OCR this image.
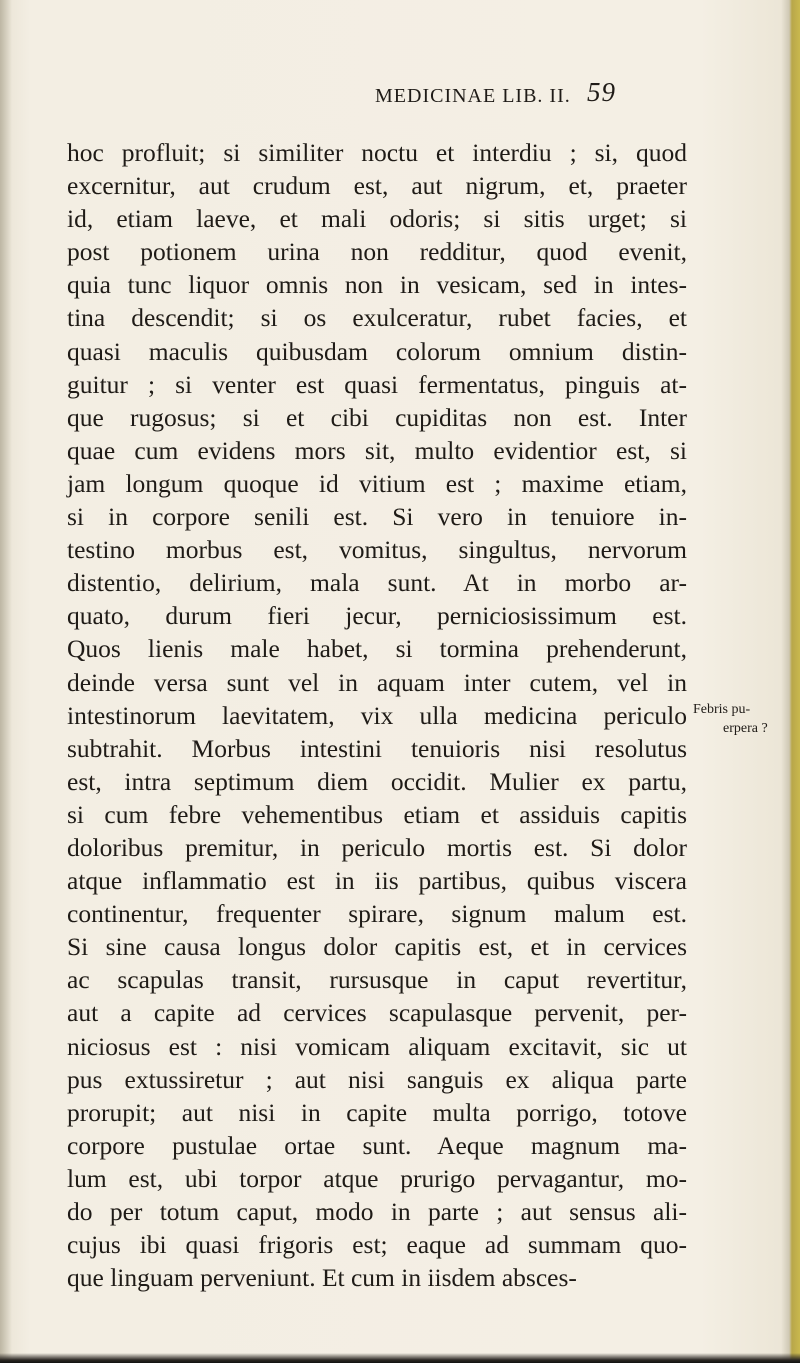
MEDICINAE LIB. II. 59
hoc profluit; si similiter noctu et interdiu ; si, quod
excernitur, aut crudum est, aut nigrum, et, praeter
id, etiam laeve, et mali odoris; si sitis urget; si
post potionem urina non redditur, quod evenit,
quia tunc liquor omnis non in vesicam, sed in intes-
tina descendit; si os exulceratur, rubet facies, et
quasi maculis quibusdam colorum omnium distin-
guitur ; si venter est quasi fermentatus, pinguis at-
que rugosus; si et cibi cupiditas non est. Inter
quae cum evidens mors sit, multo evidentior est, si
jam longum quoque id vitium est ; maxime etiam,
si in corpore senili est. Si vero in tenuiore in-
testino morbus est, vomitus, singultus, nervorum
distentio, delirium, mala sunt. At in morbo ar-
quato, durum fieri jecur, perniciosissimum est.
Quos lienis male habet, si tormina prehenderunt,
deinde versa sunt vel in aquam inter cutem, vel in
intestinorum laevitatem, vix ulla medicina periculo
subtrahit. Morbus intestini tenuioris nisi resolutus
est, intra septimum diem occidit. Mulier ex partu,
si cum febre vehementibus etiam et assiduis capitis
doloribus premitur, in periculo mortis est. Si dolor
atque inflammatio est in iis partibus, quibus viscera
continentur, frequenter spirare, signum malum est.
Si sine causa longus dolor capitis est, et in cervices
ac scapulas transit, rursusque in caput revertitur,
aut a capite ad cervices scapulasque pervenit, per-
niciosus est : nisi vomicam aliquam excitavit, sic ut
pus extussiretur ; aut nisi sanguis ex aliqua parte
prorupit; aut nisi in capite multa porrigo, totove
corpore pustulae ortae sunt. Aeque magnum ma-
lum est, ubi torpor atque prurigo pervagantur, mo-
do per totum caput, modo in parte ; aut sensus ali-
cujus ibi quasi frigoris est; eaque ad summam quo-
que linguam perveniunt. Et cum in iisdem absces-
Febris pu-
erpera ?
